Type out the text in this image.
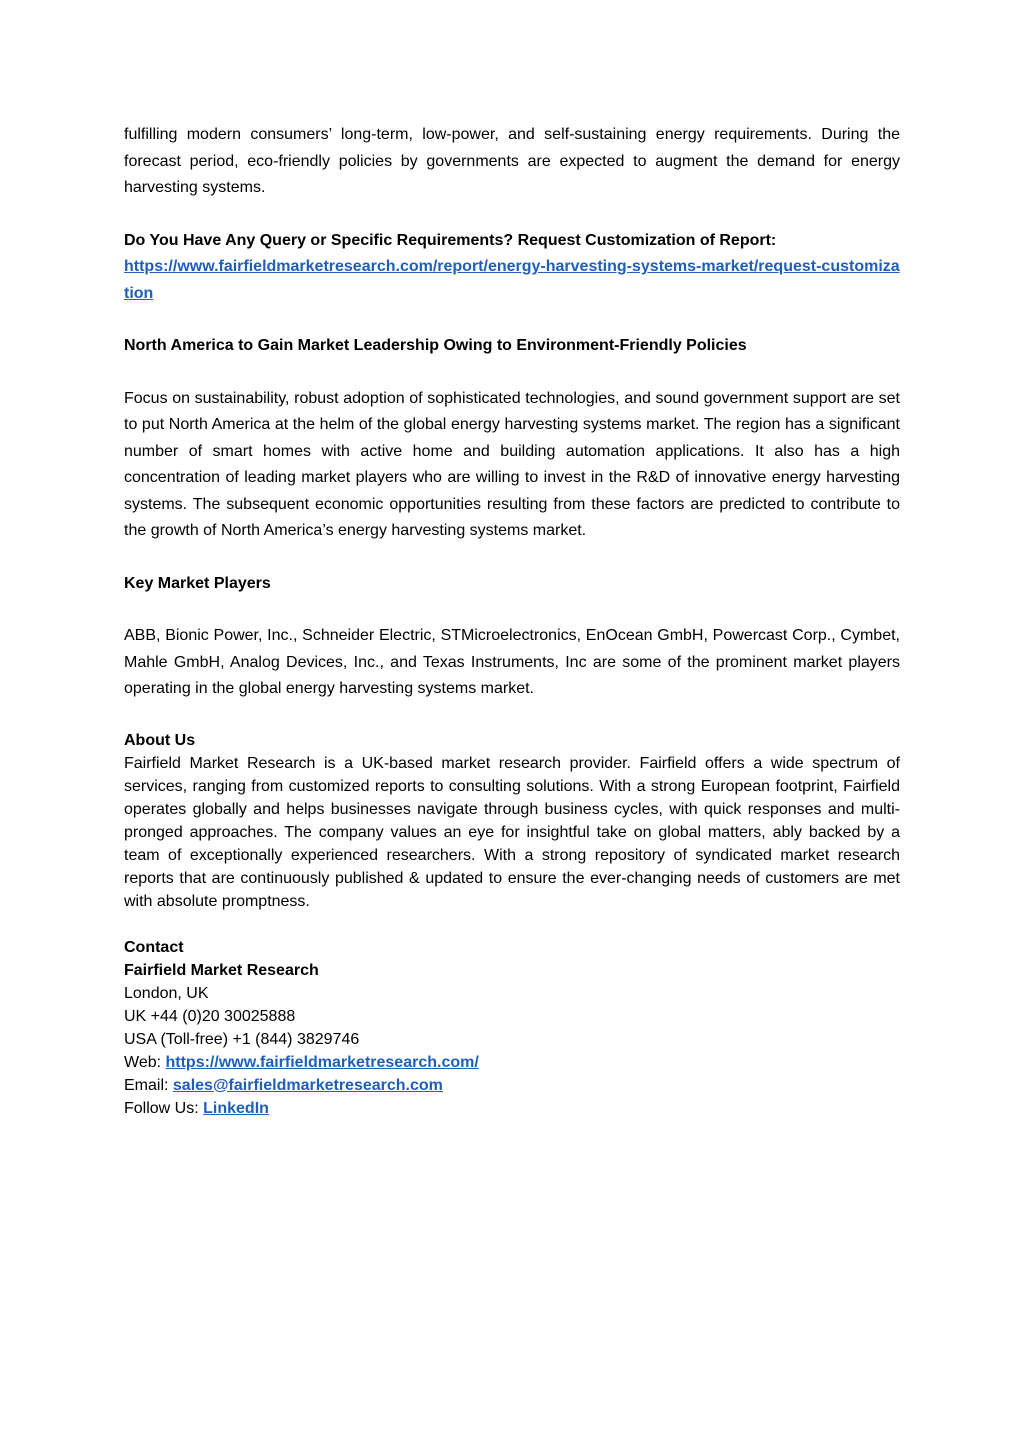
fulfilling modern consumers’ long-term, low-power, and self-sustaining energy requirements. During the forecast period, eco-friendly policies by governments are expected to augment the demand for energy harvesting systems.

Do You Have Any Query or Specific Requirements? Request Customization of Report:
https://www.fairfieldmarketresearch.com/report/energy-harvesting-systems-market/request-customization
North America to Gain Market Leadership Owing to Environment-Friendly Policies

Focus on sustainability, robust adoption of sophisticated technologies, and sound government support are set to put North America at the helm of the global energy harvesting systems market. The region has a significant number of smart homes with active home and building automation applications. It also has a high concentration of leading market players who are willing to invest in the R&D of innovative energy harvesting systems. The subsequent economic opportunities resulting from these factors are predicted to contribute to the growth of North America’s energy harvesting systems market.

Key Market Players

ABB, Bionic Power, Inc., Schneider Electric, STMicroelectronics, EnOcean GmbH, Powercast Corp., Cymbet, Mahle GmbH, Analog Devices, Inc., and Texas Instruments, Inc are some of the prominent market players operating in the global energy harvesting systems market.

About Us

Fairfield Market Research is a UK-based market research provider. Fairfield offers a wide spectrum of services, ranging from customized reports to consulting solutions. With a strong European footprint, Fairfield operates globally and helps businesses navigate through business cycles, with quick responses and multi-pronged approaches. The company values an eye for insightful take on global matters, ably backed by a team of exceptionally experienced researchers. With a strong repository of syndicated market research reports that are continuously published & updated to ensure the ever-changing needs of customers are met with absolute promptness.

Contact
Fairfield Market Research
London, UK
UK +44 (0)20 30025888
USA (Toll-free) +1 (844) 3829746
Web: https://www.fairfieldmarketresearch.com/
Email: sales@fairfieldmarketresearch.com
Follow Us: LinkedIn
